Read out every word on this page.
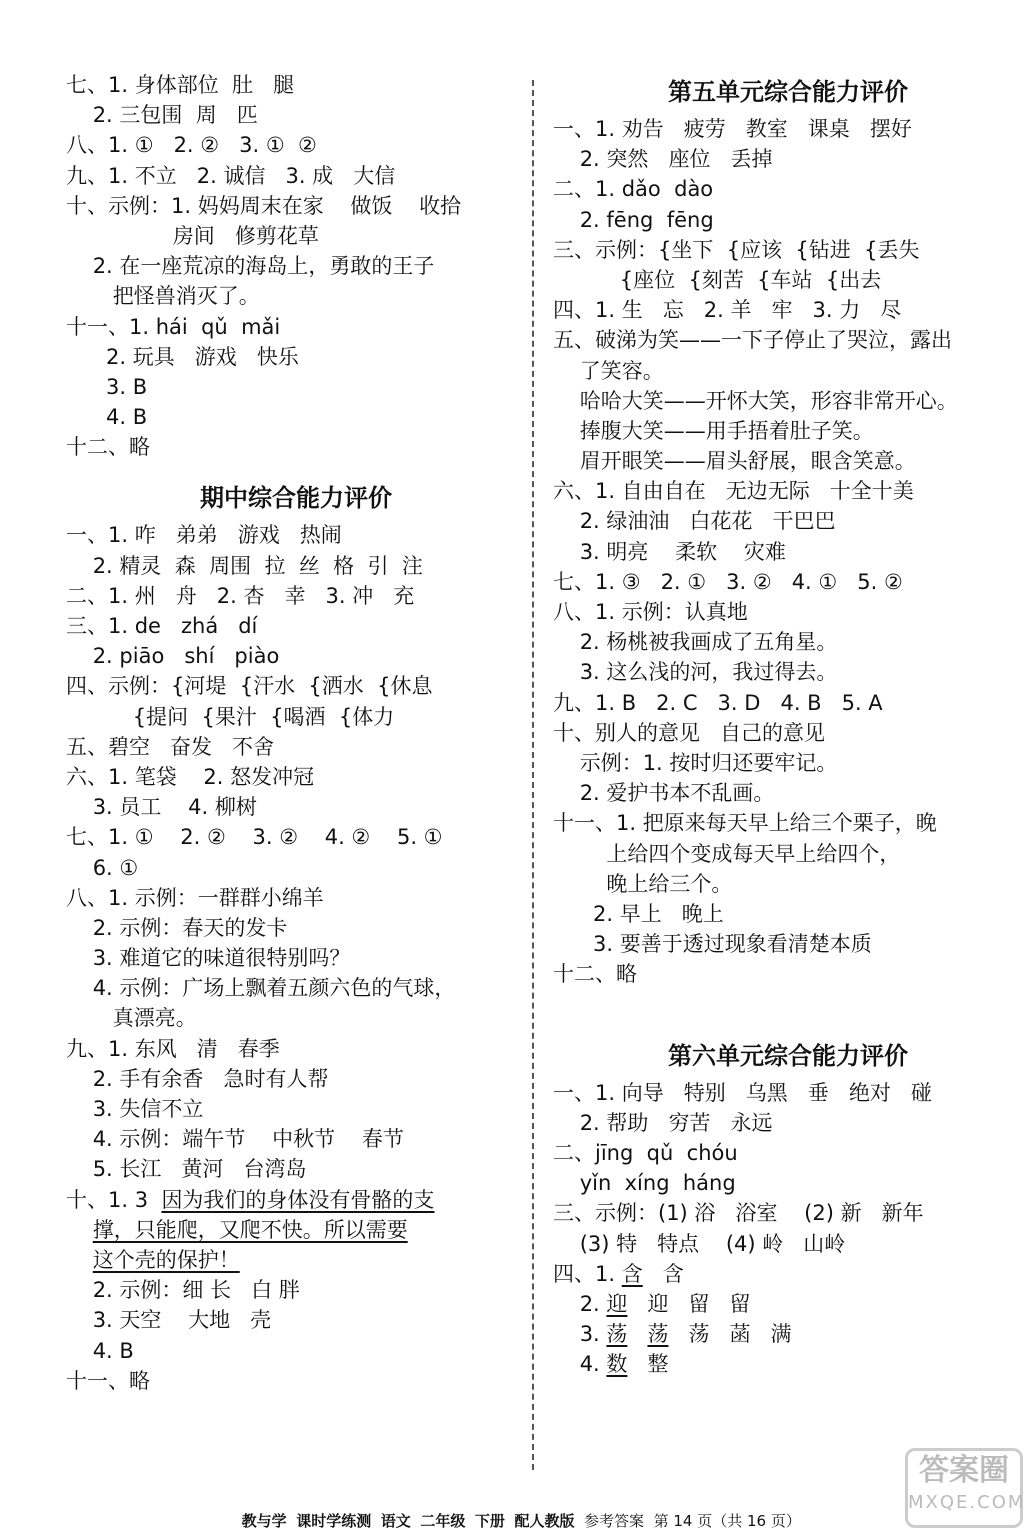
七、1. 身体部位  肚   腿
2. 三包围  周   匹
八、1. ①   2. ②   3. ①  ②
九、1. 不立   2. 诚信   3. 成   大信
十、示例：1. 妈妈周末在家    做饭    收拾
房间   修剪花草
2. 在一座荒凉的海岛上，勇敢的王子
把怪兽消灭了。
十一、1. hái  qǔ  mǎi
2. 玩具   游戏   快乐
3. B
4. B
十二、略
期中综合能力评价
一、1. 咋   弟弟   游戏   热闹
2. 精灵  森  周围  拉  丝  格  引  注
二、1. 州   舟   2. 杏   幸   3. 冲   充
三、1. de   zhá   dí
2. piāo   shí   piào
四、示例：{河堤  {汗水  {洒水  {休息
{提问  {果汁  {喝酒  {体力
五、碧空   奋发   不舍
六、1. 笔袋    2. 怒发冲冠
3. 员工    4. 柳树
七、1. ①    2. ②    3. ②    4. ②    5. ①
6. ①
八、1. 示例：一群群小绵羊
2. 示例：春天的发卡
3. 难道它的味道很特别吗？
4. 示例：广场上飘着五颜六色的气球，
真漂亮。
九、1. 东风   清   春季
2. 手有余香   急时有人帮
3. 失信不立
4. 示例：端午节    中秋节    春节
5. 长江   黄河   台湾岛
十、1. 3  因为我们的身体没有骨骼的支
撑，只能爬，又爬不快。所以需要
这个壳的保护！
2. 示例：细 长   白 胖
3. 天空    大地   壳
4. B
十一、略
第五单元综合能力评价
一、1. 劝告   疲劳   教室   课桌   摆好
2. 突然   座位   丢掉
二、1. dǎo  dào
2. fēng  fēng
三、示例：{坐下  {应该  {钻进  {丢失
{座位  {刻苦  {车站  {出去
四、1. 生   忘   2. 羊   牢   3. 力   尽
五、破涕为笑——一下子停止了哭泣，露出
了笑容。
哈哈大笑——开怀大笑，形容非常开心。
捧腹大笑——用手捂着肚子笑。
眉开眼笑——眉头舒展，眼含笑意。
六、1. 自由自在   无边无际   十全十美
2. 绿油油   白花花   干巴巴
3. 明亮    柔软    灾难
七、1. ③   2. ①   3. ②   4. ①   5. ②
八、1. 示例：认真地
2. 杨桃被我画成了五角星。
3. 这么浅的河，我过得去。
九、1. B   2. C   3. D   4. B   5. A
十、别人的意见   自己的意见
示例：1. 按时归还要牢记。
2. 爱护书本不乱画。
十一、1. 把原来每天早上给三个栗子，晚
上给四个变成每天早上给四个，
晚上给三个。
2. 早上   晚上
3. 要善于透过现象看清楚本质
十二、略
第六单元综合能力评价
一、1. 向导   特别   乌黑   垂   绝对   碰
2. 帮助   穷苦   永远
二、jīng  qǔ  chóu
yǐn  xíng  háng
三、示例：(1) 浴   浴室    (2) 新   新年
(3) 特   特点    (4) 岭   山岭
四、1. 含   含
2. 迎   迎   留   留
3. 荡 荡   荡   菡   满
4. 数   整

教与学 课时学练测 语文 二年级 下册 配人教版 参考答案 第 14 页（共 16 页）

答案圈
MXQE.COM
